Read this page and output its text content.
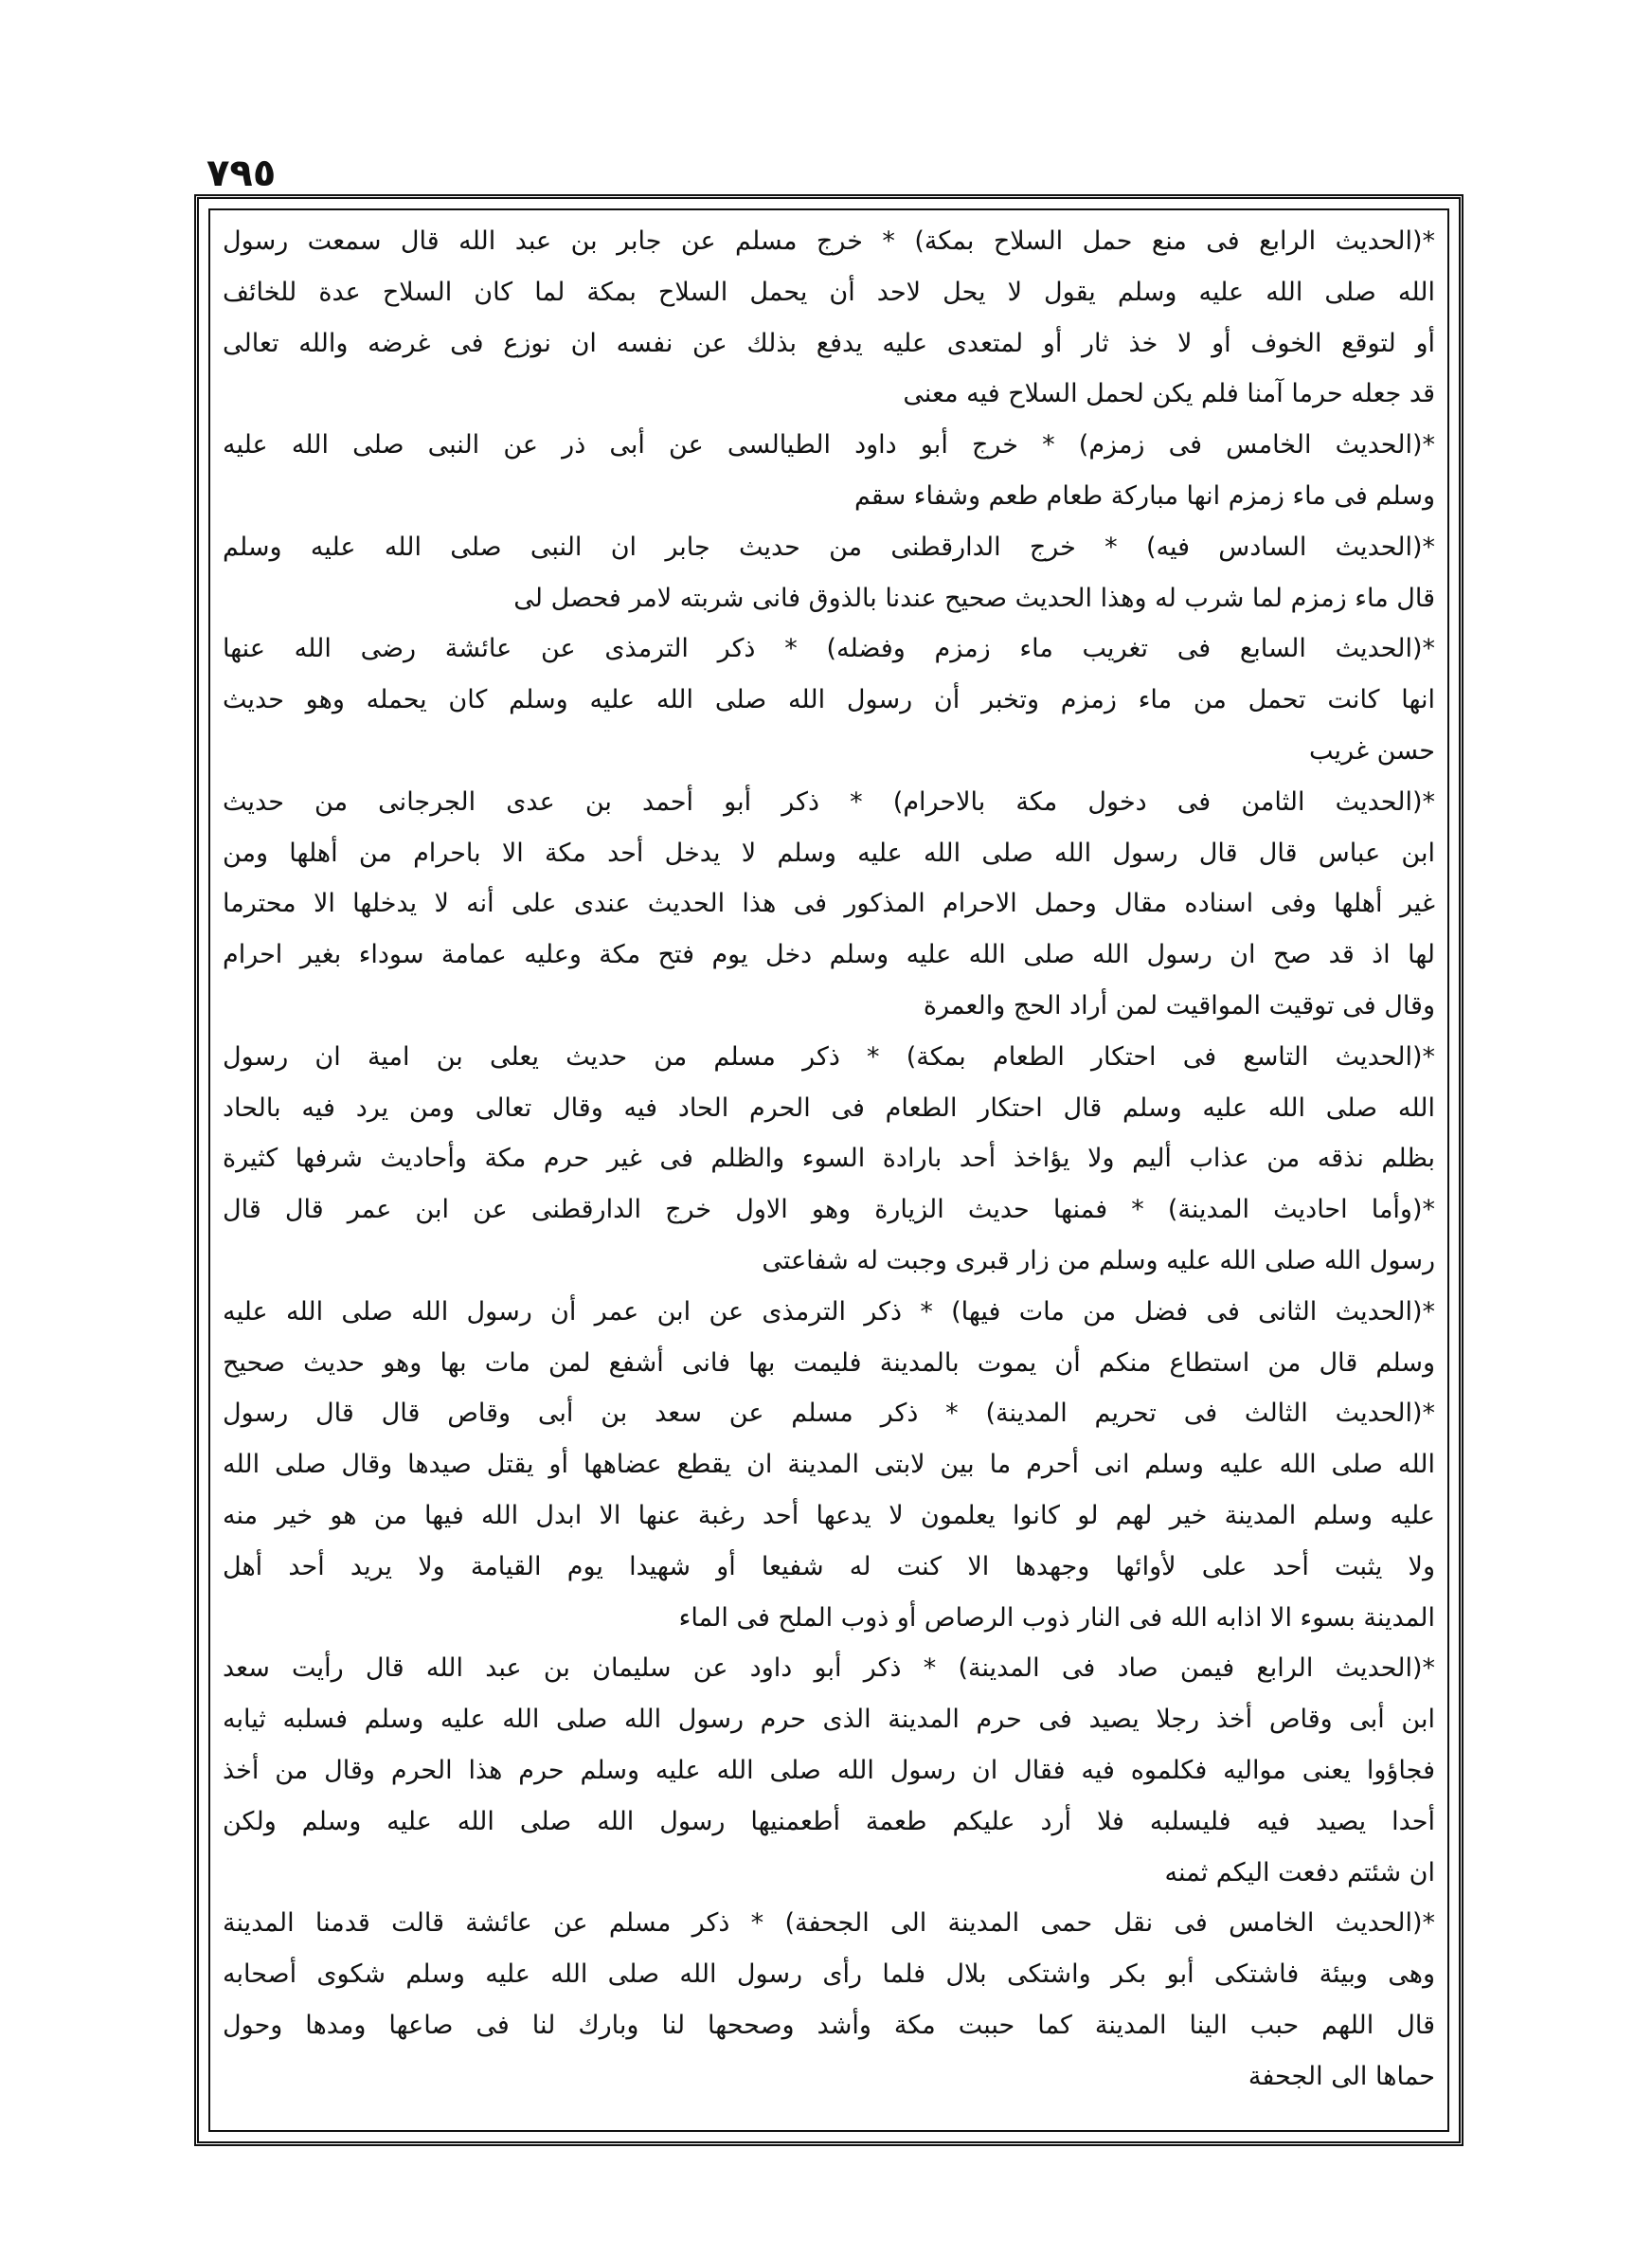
٧٩٥
*(الحديث الرابع فى منع حمل السلاح بمكة) * خرج مسلم عن جابر بن عبد الله قال سمعت رسول
الله صلى الله عليه وسلم يقول لا يحل لاحد أن يحمل السلاح بمكة لما كان السلاح عدة للخائف
أو لتوقع الخوف أو لا خذ ثار أو لمتعدى عليه يدفع بذلك عن نفسه ان نوزع فى غرضه والله تعالى
قد جعله حرما آمنا فلم يكن لحمل السلاح فيه معنى
*(الحديث الخامس فى زمزم) * خرج أبو داود الطيالسى عن أبى ذر عن النبى صلى الله عليه
وسلم فى ماء زمزم انها مباركة طعام طعم وشفاء سقم
*(الحديث السادس فيه) * خرج الدارقطنى من حديث جابر ان النبى صلى الله عليه وسلم
قال ماء زمزم لما شرب له وهذا الحديث صحيح عندنا بالذوق فانى شربته لامر فحصل لى
*(الحديث السابع فى تغريب ماء زمزم وفضله) * ذكر الترمذى عن عائشة رضى الله عنها
انها كانت تحمل من ماء زمزم وتخبر أن رسول الله صلى الله عليه وسلم كان يحمله وهو حديث
حسن غريب
*(الحديث الثامن فى دخول مكة بالاحرام) * ذكر أبو أحمد بن عدى الجرجانى من حديث
ابن عباس قال قال رسول الله صلى الله عليه وسلم لا يدخل أحد مكة الا باحرام من أهلها ومن
غير أهلها وفى اسناده مقال وحمل الاحرام المذكور فى هذا الحديث عندى على أنه لا يدخلها الا محترما
لها اذ قد صح ان رسول الله صلى الله عليه وسلم دخل يوم فتح مكة وعليه عمامة سوداء بغير احرام
وقال فى توقيت المواقيت لمن أراد الحج والعمرة
*(الحديث التاسع فى احتكار الطعام بمكة) * ذكر مسلم من حديث يعلى بن امية ان رسول
الله صلى الله عليه وسلم قال احتكار الطعام فى الحرم الحاد فيه وقال تعالى ومن يرد فيه بالحاد
بظلم نذقه من عذاب أليم ولا يؤاخذ أحد بارادة السوء والظلم فى غير حرم مكة وأحاديث شرفها كثيرة
*(وأما احاديث المدينة) * فمنها حديث الزيارة وهو الاول خرج الدارقطنى عن ابن عمر قال قال
رسول الله صلى الله عليه وسلم من زار قبرى وجبت له شفاعتى
*(الحديث الثانى فى فضل من مات فيها) * ذكر الترمذى عن ابن عمر أن رسول الله صلى الله عليه
وسلم قال من استطاع منكم أن يموت بالمدينة فليمت بها فانى أشفع لمن مات بها وهو حديث صحيح
*(الحديث الثالث فى تحريم المدينة) * ذكر مسلم عن سعد بن أبى وقاص قال قال رسول
الله صلى الله عليه وسلم انى أحرم ما بين لابتى المدينة ان يقطع عضاهها أو يقتل صيدها وقال صلى الله
عليه وسلم المدينة خير لهم لو كانوا يعلمون لا يدعها أحد رغبة عنها الا ابدل الله فيها من هو خير منه
ولا يثبت أحد على لأوائها وجهدها الا كنت له شفيعا أو شهيدا يوم القيامة ولا يريد أحد أهل
المدينة بسوء الا اذابه الله فى النار ذوب الرصاص أو ذوب الملح فى الماء
*(الحديث الرابع فيمن صاد فى المدينة) * ذكر أبو داود عن سليمان بن عبد الله قال رأيت سعد
ابن أبى وقاص أخذ رجلا يصيد فى حرم المدينة الذى حرم رسول الله صلى الله عليه وسلم فسلبه ثيابه
فجاؤوا يعنى مواليه فكلموه فيه فقال ان رسول الله صلى الله عليه وسلم حرم هذا الحرم وقال من أخذ
أحدا يصيد فيه فليسلبه فلا أرد عليكم طعمة أطعمنيها رسول الله صلى الله عليه وسلم ولكن
ان شئتم دفعت اليكم ثمنه
*(الحديث الخامس فى نقل حمى المدينة الى الجحفة) * ذكر مسلم عن عائشة قالت قدمنا المدينة
وهى وبيئة فاشتكى أبو بكر واشتكى بلال فلما رأى رسول الله صلى الله عليه وسلم شكوى أصحابه
قال اللهم حبب الينا المدينة كما حببت مكة وأشد وصححها لنا وبارك لنا فى صاعها ومدها وحول
حماها الى الجحفة
